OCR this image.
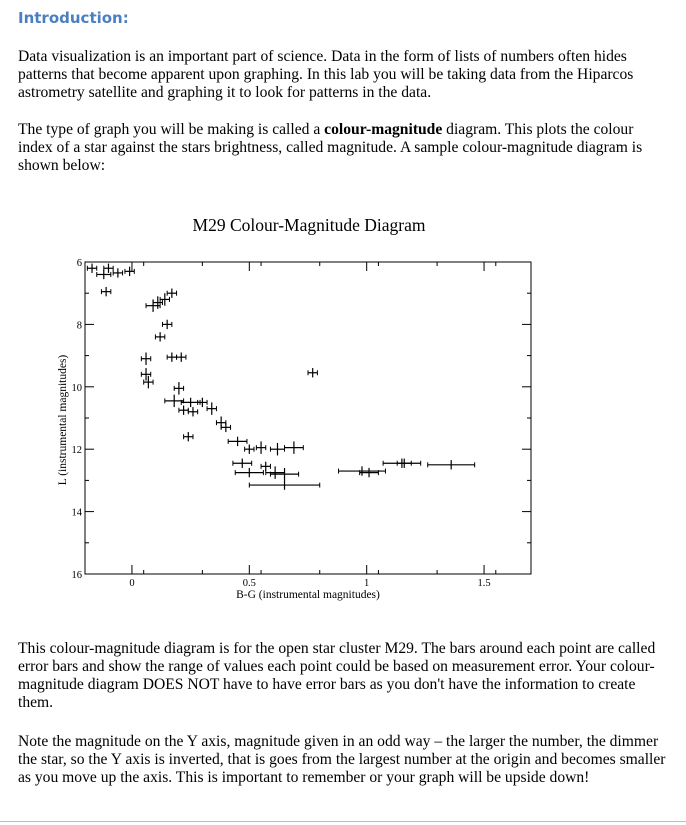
Introduction:

Data visualization is an important part of science. Data in the form of lists of numbers often hides patterns that become apparent upon graphing. In this lab you will be taking data from the Hiparcos astrometry satellite and graphing it to look for patterns in the data.

The type of graph you will be making is called a colour-magnitude diagram. This plots the colour index of a star against the stars brightness, called magnitude. A sample colour-magnitude diagram is shown below:

M29 Colour-Magnitude Diagram
0	0.5	1	1.5
6
8
10
12
14
16
B-G (instrumental magnitudes)
L (instrumental magnitudes)

This colour-magnitude diagram is for the open star cluster M29. The bars around each point are called error bars and show the range of values each point could be based on measurement error. Your colour-magnitude diagram DOES NOT have to have error bars as you don't have the information to create them.

Note the magnitude on the Y axis, magnitude given in an odd way – the larger the number, the dimmer the star, so the Y axis is inverted, that is goes from the largest number at the origin and becomes smaller as you move up the axis. This is important to remember or your graph will be upside down!
